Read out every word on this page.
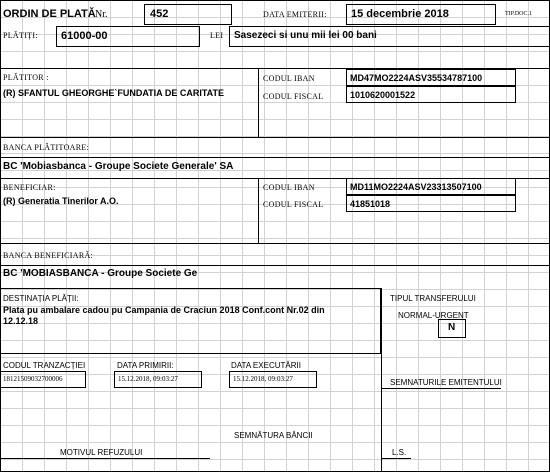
ORDIN DE PLATĂ Nr.	452	DATA EMITERII: 15 decembrie 2018	TIP.DOC.1
PLĂTIȚI: 61000-00	LEI Sasezeci si unu mii lei 00 bani
PLĂTITOR :
(R) SFANTUL GHEORGHE`FUNDATIA DE CARITATE
CODUL IBAN	MD47MO2224ASV35534787100
CODUL FISCAL	1010620001522
BANCA PLĂTITOARE:
BC 'Mobiasbanca - Groupe Societe Generale' SA
BENEFICIAR:
(R) Generatia Tinerilor A.O.
CODUL IBAN	MD11MO2224ASV23313507100
CODUL FISCAL	41851018
BANCA BENEFICIARĂ:
BC 'MOBIASBANCA - Groupe Societe Ge
DESTINAȚIA PLĂȚII:
Plata pu ambalare cadou pu Campania de Craciun 2018 Conf.cont Nr.02 din
12.12.18
TIPUL TRANSFERULUI
NORMAL-URGENT
N
CODUL TRANZACȚIEI
18121509032700006
DATA PRIMIRII:
15.12.2018, 09:03:27
DATA EXECUTĂRII
15.12.2018, 09:03:27	SEMNATURILE EMITENTULUI
SEMNĂTURA BĂNCII
MOTIVUL REFUZULUI	L.S.
